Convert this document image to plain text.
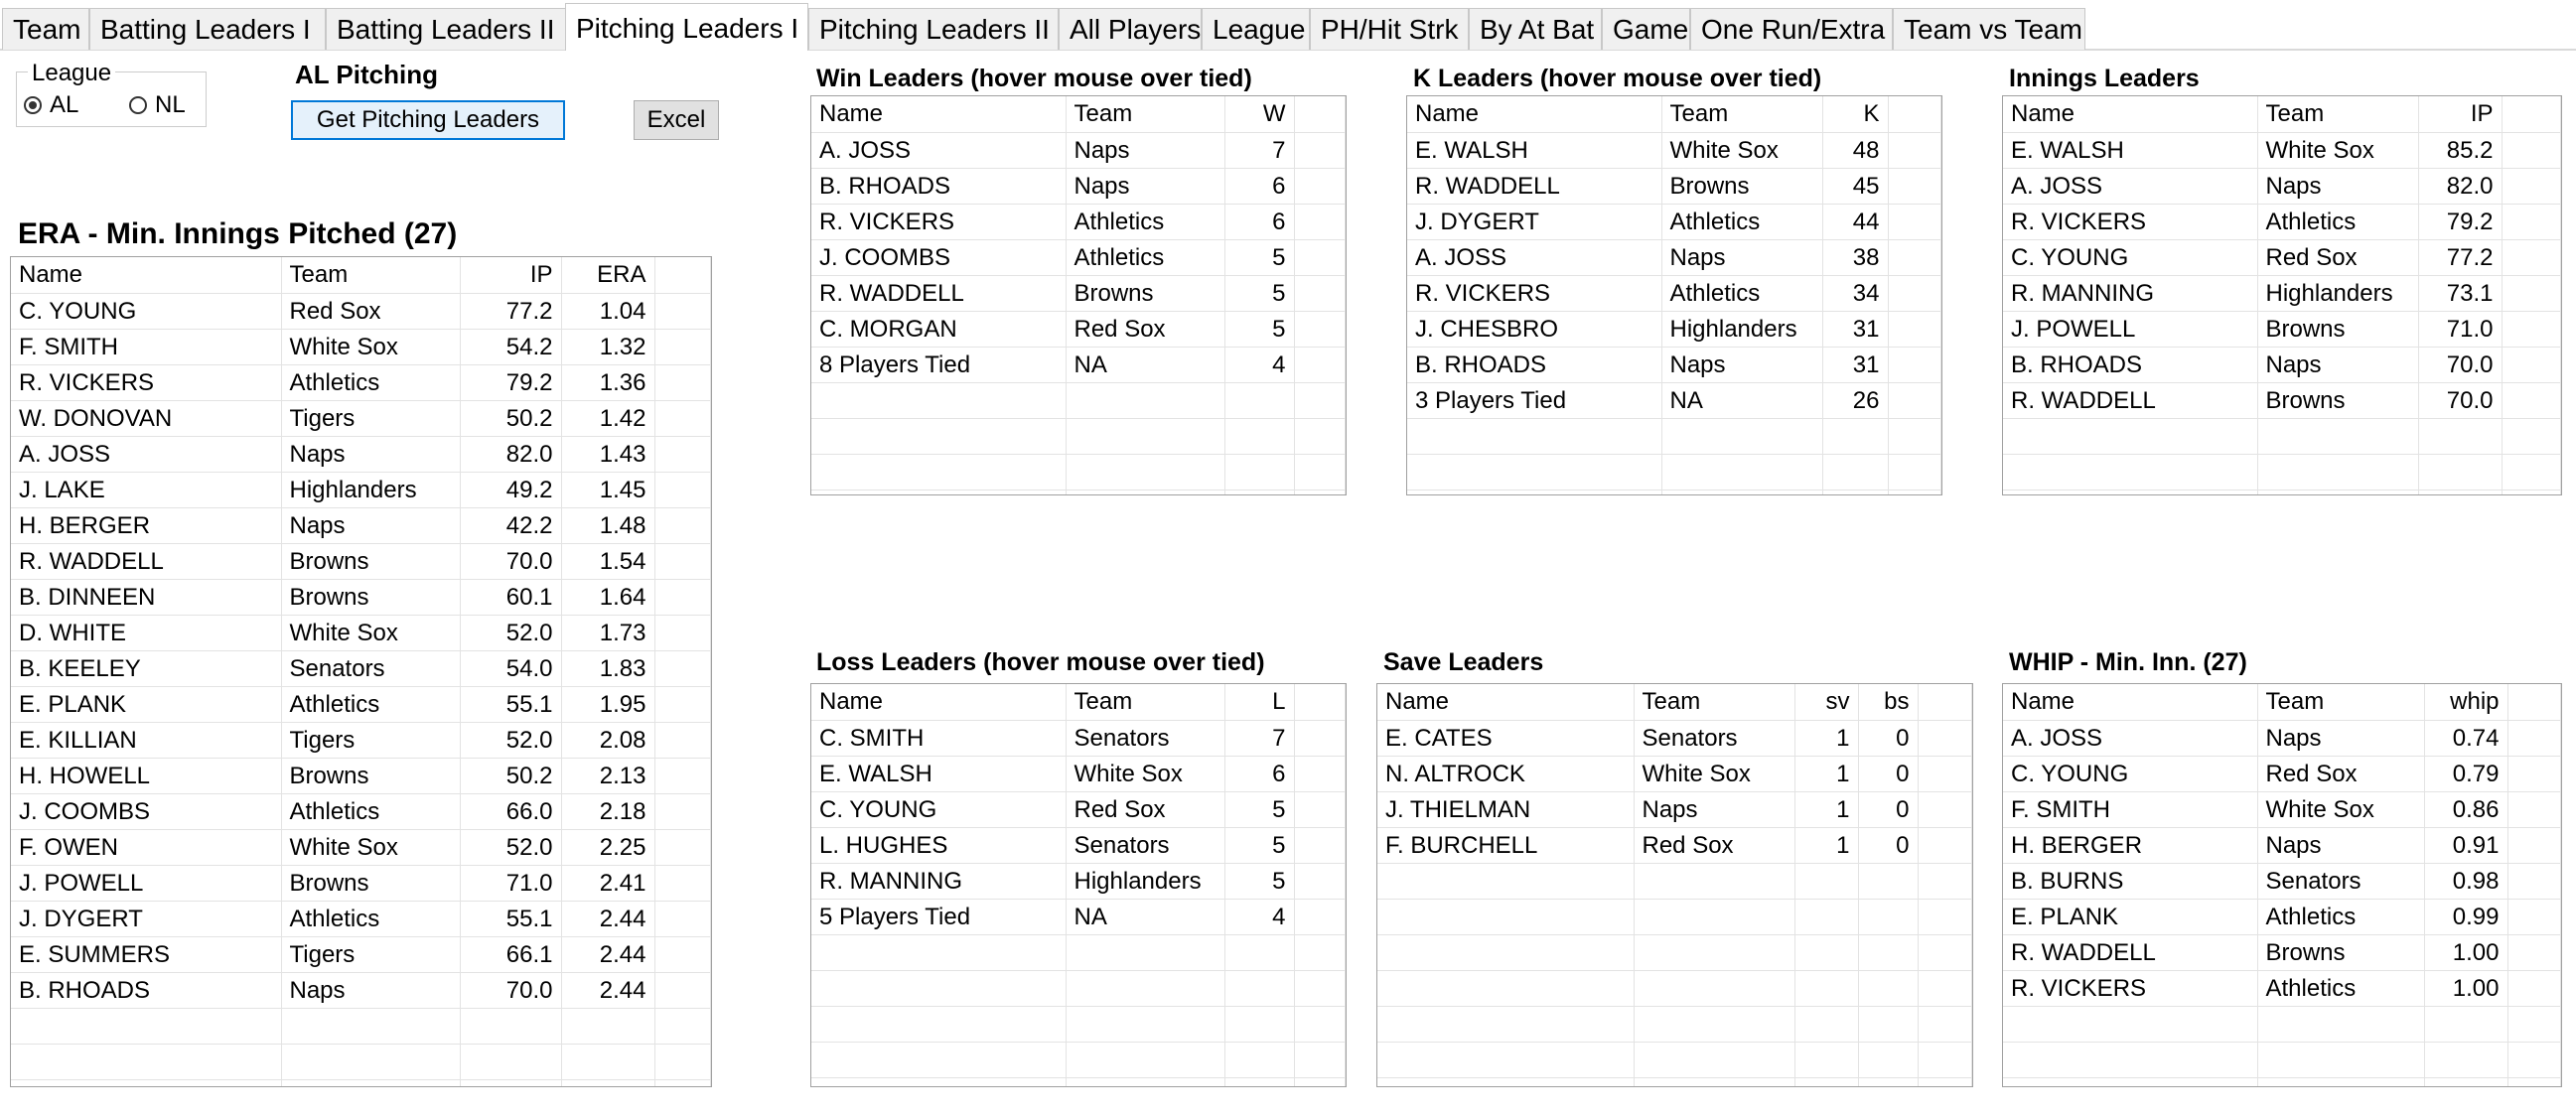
Team Batting Leaders I Batting Leaders II Pitching Leaders I Pitching Leaders II All Players League PH/Hit Strk By At Bat Game One Run/Extra Team vs Team
League
AL	NL
AL Pitching
Get Pitching Leaders	Excel
ERA - Min. Innings Pitched (27)
Win Leaders (hover mouse over tied)	K Leaders (hover mouse over tied)	Innings Leaders
Loss Leaders (hover mouse over tied)	Save Leaders	WHIP - Min. Inn. (27)
Name	Team	IP	ERA	
C. YOUNG	Red Sox	77.2	1.04	
F. SMITH	White Sox	54.2	1.32	
R. VICKERS	Athletics	79.2	1.36	
W. DONOVAN	Tigers	50.2	1.42	
A. JOSS	Naps	82.0	1.43	
J. LAKE	Highlanders	49.2	1.45	
H. BERGER	Naps	42.2	1.48	
R. WADDELL	Browns	70.0	1.54	
B. DINNEEN	Browns	60.1	1.64	
D. WHITE	White Sox	52.0	1.73	
B. KEELEY	Senators	54.0	1.83	
E. PLANK	Athletics	55.1	1.95	
E. KILLIAN	Tigers	52.0	2.08	
H. HOWELL	Browns	50.2	2.13	
J. COOMBS	Athletics	66.0	2.18	
F. OWEN	White Sox	52.0	2.25	
J. POWELL	Browns	71.0	2.41	
J. DYGERT	Athletics	55.1	2.44	
E. SUMMERS	Tigers	66.1	2.44	
B. RHOADS	Naps	70.0	2.44	

Name	Team	W	
A. JOSS	Naps	7	
B. RHOADS	Naps	6	
R. VICKERS	Athletics	6	
J. COOMBS	Athletics	5	
R. WADDELL	Browns	5	
C. MORGAN	Red Sox	5	
8 Players Tied	NA	4	

Name	Team	K	
E. WALSH	White Sox	48	
R. WADDELL	Browns	45	
J. DYGERT	Athletics	44	
A. JOSS	Naps	38	
R. VICKERS	Athletics	34	
J. CHESBRO	Highlanders	31	
B. RHOADS	Naps	31	
3 Players Tied	NA	26	

Name	Team	IP	
E. WALSH	White Sox	85.2	
A. JOSS	Naps	82.0	
R. VICKERS	Athletics	79.2	
C. YOUNG	Red Sox	77.2	
R. MANNING	Highlanders	73.1	
J. POWELL	Browns	71.0	
B. RHOADS	Naps	70.0	
R. WADDELL	Browns	70.0	

Name	Team	L	
C. SMITH	Senators	7	
E. WALSH	White Sox	6	
C. YOUNG	Red Sox	5	
L. HUGHES	Senators	5	
R. MANNING	Highlanders	5	
5 Players Tied	NA	4	

Name	Team	sv	bs	
E. CATES	Senators	1	0	
N. ALTROCK	White Sox	1	0	
J. THIELMAN	Naps	1	0	
F. BURCHELL	Red Sox	1	0	

Name	Team	whip	
A. JOSS	Naps	0.74	
C. YOUNG	Red Sox	0.79	
F. SMITH	White Sox	0.86	
H. BERGER	Naps	0.91	
B. BURNS	Senators	0.98	
E. PLANK	Athletics	0.99	
R. WADDELL	Browns	1.00	
R. VICKERS	Athletics	1.00	
